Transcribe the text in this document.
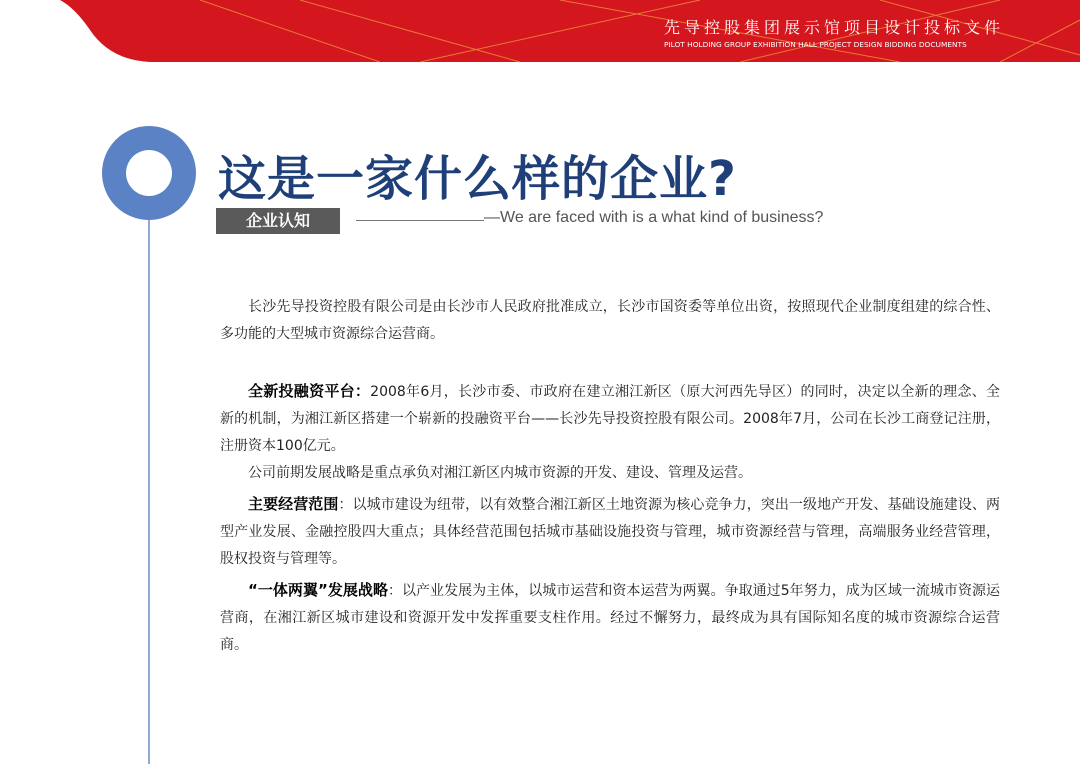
先导控股集团展示馆项目设计投标文件
PILOT HOLDING GROUP EXHIBITION HALL PROJECT DESIGN BIDDING DOCUMENTS
这是一家什么样的企业?
企业认知	—We are faced with is a what kind of business?

长沙先导投资控股有限公司是由长沙市人民政府批准成立，长沙市国资委等单位出资，按照现代企业制度组建的综合性、多功能的大型城市资源综合运营商。

全新投融资平台：2008年6月，长沙市委、市政府在建立湘江新区（原大河西先导区）的同时，决定以全新的理念、全新的机制，为湘江新区搭建一个崭新的投融资平台——长沙先导投资控股有限公司。2008年7月，公司在长沙工商登记注册，注册资本100亿元。

公司前期发展战略是重点承负对湘江新区内城市资源的开发、建设、管理及运营。

主要经营范围：以城市建设为纽带，以有效整合湘江新区土地资源为核心竞争力，突出一级地产开发、基础设施建设、两型产业发展、金融控股四大重点；具体经营范围包括城市基础设施投资与管理，城市资源经营与管理，高端服务业经营管理，股权投资与管理等。

“一体两翼”发展战略：以产业发展为主体，以城市运营和资本运营为两翼。争取通过5年努力，成为区域一流城市资源运营商，在湘江新区城市建设和资源开发中发挥重要支柱作用。经过不懈努力，最终成为具有国际知名度的城市资源综合运营商。
